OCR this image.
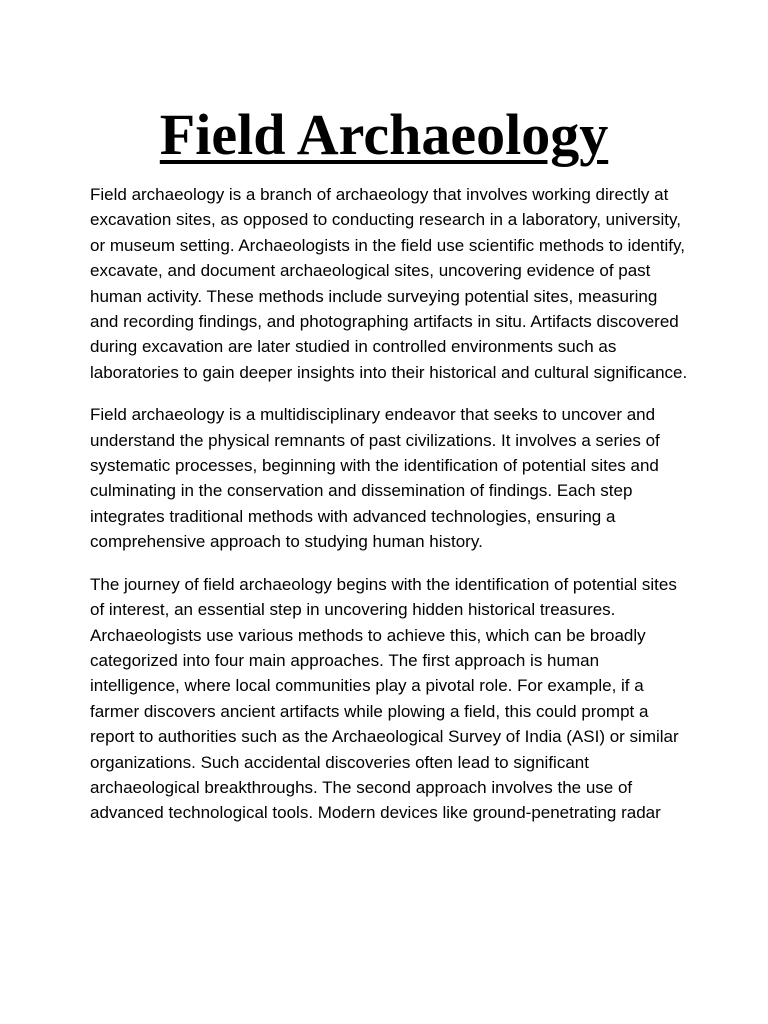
Field Archaeology

Field archaeology is a branch of archaeology that involves working directly at excavation sites, as opposed to conducting research in a laboratory, university, or museum setting. Archaeologists in the field use scientific methods to identify, excavate, and document archaeological sites, uncovering evidence of past human activity. These methods include surveying potential sites, measuring and recording findings, and photographing artifacts in situ. Artifacts discovered during excavation are later studied in controlled environments such as laboratories to gain deeper insights into their historical and cultural significance.

Field archaeology is a multidisciplinary endeavor that seeks to uncover and understand the physical remnants of past civilizations. It involves a series of systematic processes, beginning with the identification of potential sites and culminating in the conservation and dissemination of findings. Each step integrates traditional methods with advanced technologies, ensuring a comprehensive approach to studying human history.

The journey of field archaeology begins with the identification of potential sites of interest, an essential step in uncovering hidden historical treasures. Archaeologists use various methods to achieve this, which can be broadly categorized into four main approaches. The first approach is human intelligence, where local communities play a pivotal role. For example, if a farmer discovers ancient artifacts while plowing a field, this could prompt a report to authorities such as the Archaeological Survey of India (ASI) or similar organizations. Such accidental discoveries often lead to significant archaeological breakthroughs. The second approach involves the use of advanced technological tools. Modern devices like ground-penetrating radar
